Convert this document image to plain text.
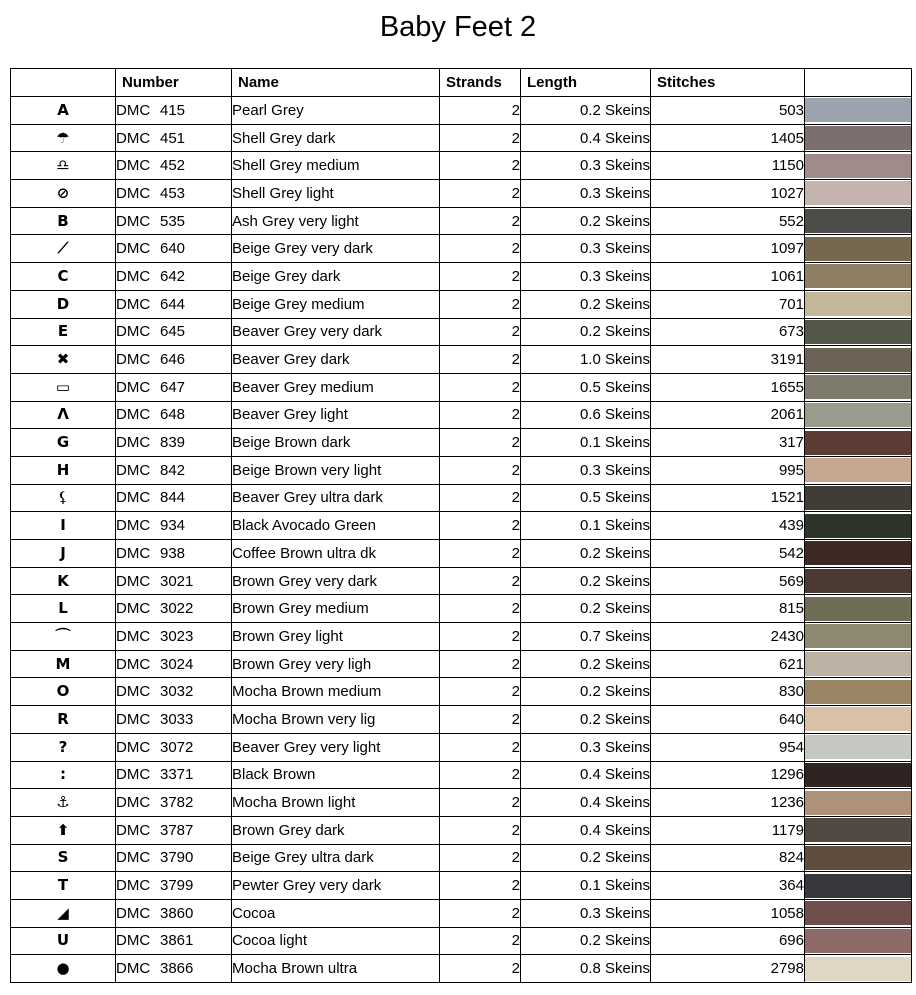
Baby Feet 2
	Number	Name	Strands	Length	Stitches	
A	DMC 415	Pearl Grey	2	0.2 Skeins	503	

☂	DMC 451	Shell Grey dark	2	0.4 Skeins	1405	

♎	DMC 452	Shell Grey medium	2	0.3 Skeins	1150	

⊘	DMC 453	Shell Grey light	2	0.3 Skeins	1027	

B	DMC 535	Ash Grey very light	2	0.2 Skeins	552	

⟋	DMC 640	Beige Grey very dark	2	0.3 Skeins	1097	

C	DMC 642	Beige Grey dark	2	0.3 Skeins	1061	

D	DMC 644	Beige Grey medium	2	0.2 Skeins	701	

E	DMC 645	Beaver Grey very dark	2	0.2 Skeins	673	

✖	DMC 646	Beaver Grey dark	2	1.0 Skeins	3191	

▭	DMC 647	Beaver Grey medium	2	0.5 Skeins	1655	

Λ	DMC 648	Beaver Grey light	2	0.6 Skeins	2061	

G	DMC 839	Beige Brown dark	2	0.1 Skeins	317	

H	DMC 842	Beige Brown very light	2	0.3 Skeins	995	

⚸	DMC 844	Beaver Grey ultra dark	2	0.5 Skeins	1521	

I	DMC 934	Black Avocado Green	2	0.1 Skeins	439	

J	DMC 938	Coffee Brown ultra dk	2	0.2 Skeins	542	

K	DMC 3021	Brown Grey very dark	2	0.2 Skeins	569	

L	DMC 3022	Brown Grey medium	2	0.2 Skeins	815	

⌒	DMC 3023	Brown Grey light	2	0.7 Skeins	2430	

M	DMC 3024	Brown Grey very ligh	2	0.2 Skeins	621	

O	DMC 3032	Mocha Brown medium	2	0.2 Skeins	830	

R	DMC 3033	Mocha Brown very lig	2	0.2 Skeins	640	

?	DMC 3072	Beaver Grey very light	2	0.3 Skeins	954	

:	DMC 3371	Black Brown	2	0.4 Skeins	1296	

⚓	DMC 3782	Mocha Brown light	2	0.4 Skeins	1236	

⬆	DMC 3787	Brown Grey dark	2	0.4 Skeins	1179	

S	DMC 3790	Beige Grey ultra dark	2	0.2 Skeins	824	

T	DMC 3799	Pewter Grey very dark	2	0.1 Skeins	364	

◢	DMC 3860	Cocoa	2	0.3 Skeins	1058	

U	DMC 3861	Cocoa light	2	0.2 Skeins	696	

●	DMC 3866	Mocha Brown ultra	2	0.8 Skeins	2798	
